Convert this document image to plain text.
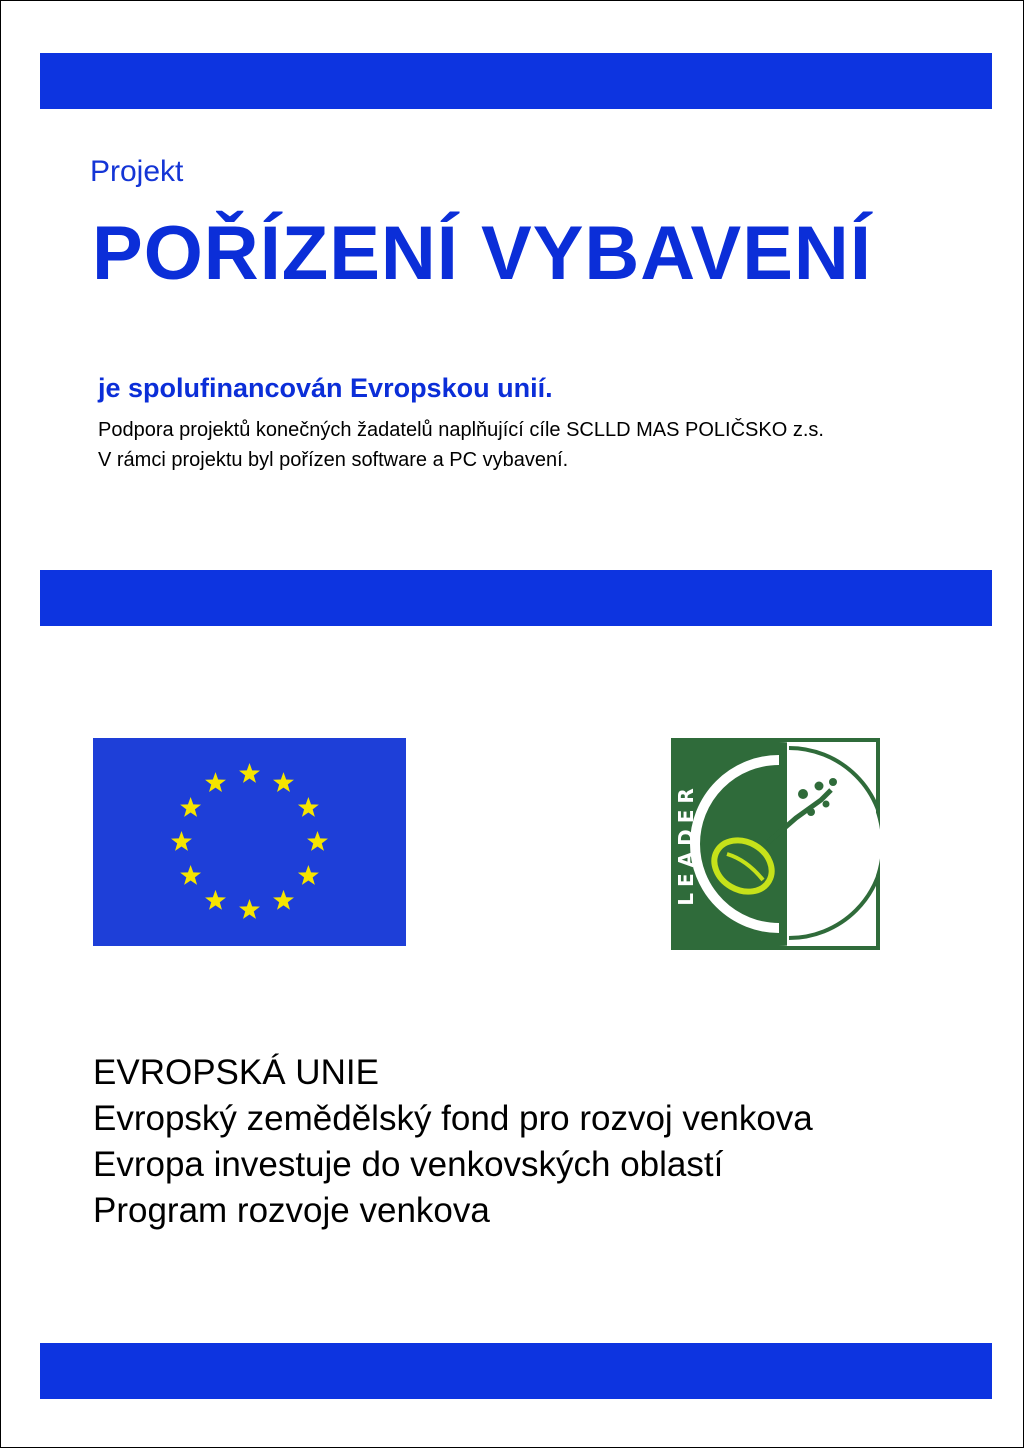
Projekt
POŘÍZENÍ VYBAVENÍ
je spolufinancován Evropskou unií.
Podpora projektů konečných žadatelů naplňující cíle SCLLD MAS POLIČSKO z.s.
V rámci projektu byl pořízen software a PC vybavení.
LEADER
EVROPSKÁ UNIE
Evropský zemědělský fond pro rozvoj venkova
Evropa investuje do venkovských oblastí
Program rozvoje venkova
